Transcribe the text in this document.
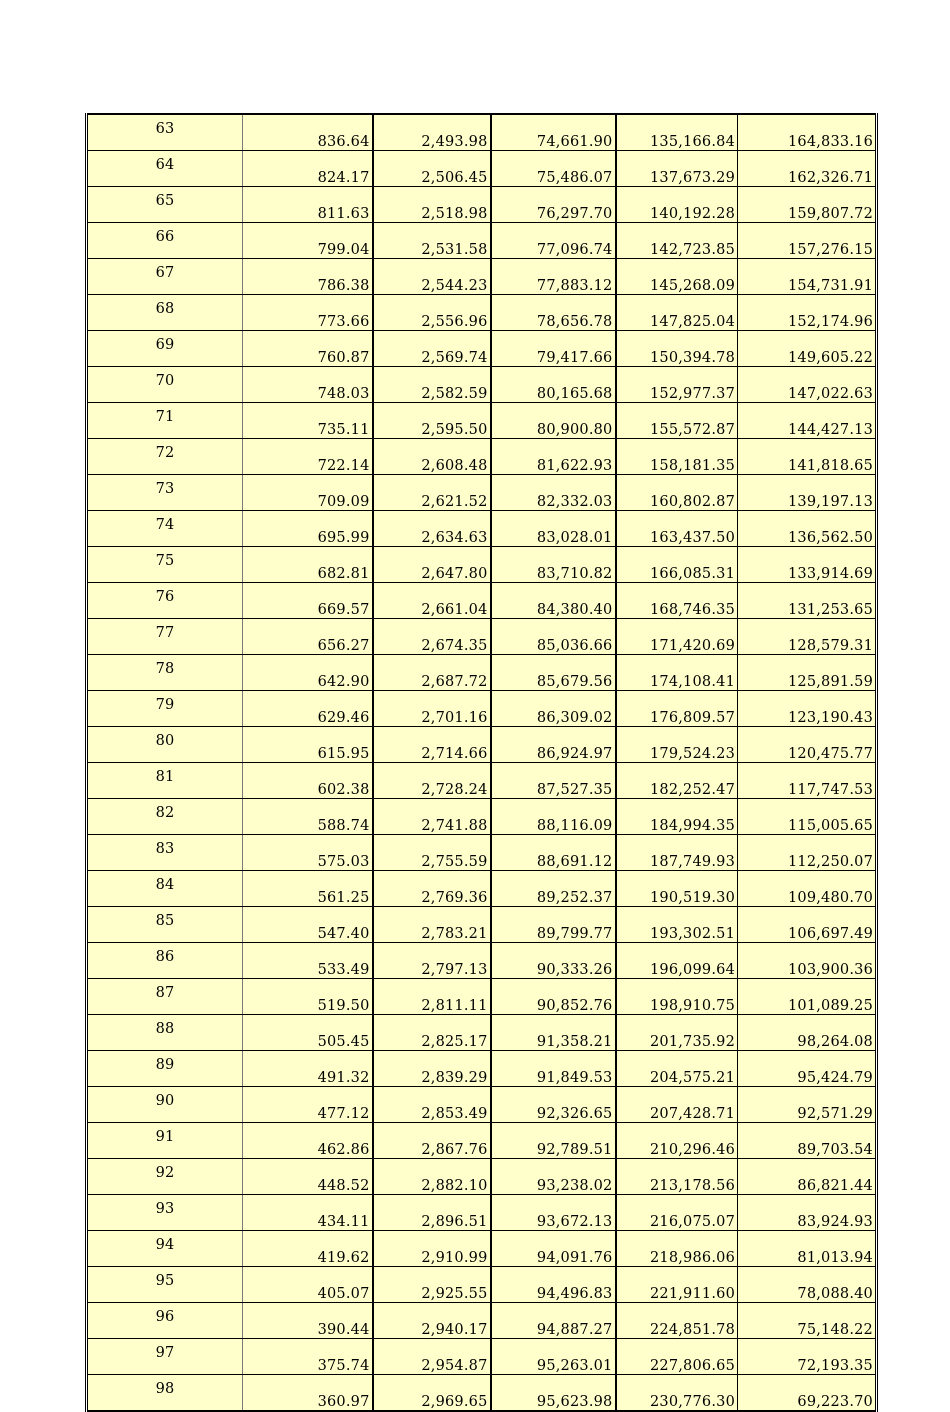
63	836.64	2,493.98	74,661.90	135,166.84	164,833.16
64	824.17	2,506.45	75,486.07	137,673.29	162,326.71
65	811.63	2,518.98	76,297.70	140,192.28	159,807.72
66	799.04	2,531.58	77,096.74	142,723.85	157,276.15
67	786.38	2,544.23	77,883.12	145,268.09	154,731.91
68	773.66	2,556.96	78,656.78	147,825.04	152,174.96
69	760.87	2,569.74	79,417.66	150,394.78	149,605.22
70	748.03	2,582.59	80,165.68	152,977.37	147,022.63
71	735.11	2,595.50	80,900.80	155,572.87	144,427.13
72	722.14	2,608.48	81,622.93	158,181.35	141,818.65
73	709.09	2,621.52	82,332.03	160,802.87	139,197.13
74	695.99	2,634.63	83,028.01	163,437.50	136,562.50
75	682.81	2,647.80	83,710.82	166,085.31	133,914.69
76	669.57	2,661.04	84,380.40	168,746.35	131,253.65
77	656.27	2,674.35	85,036.66	171,420.69	128,579.31
78	642.90	2,687.72	85,679.56	174,108.41	125,891.59
79	629.46	2,701.16	86,309.02	176,809.57	123,190.43
80	615.95	2,714.66	86,924.97	179,524.23	120,475.77
81	602.38	2,728.24	87,527.35	182,252.47	117,747.53
82	588.74	2,741.88	88,116.09	184,994.35	115,005.65
83	575.03	2,755.59	88,691.12	187,749.93	112,250.07
84	561.25	2,769.36	89,252.37	190,519.30	109,480.70
85	547.40	2,783.21	89,799.77	193,302.51	106,697.49
86	533.49	2,797.13	90,333.26	196,099.64	103,900.36
87	519.50	2,811.11	90,852.76	198,910.75	101,089.25
88	505.45	2,825.17	91,358.21	201,735.92	98,264.08
89	491.32	2,839.29	91,849.53	204,575.21	95,424.79
90	477.12	2,853.49	92,326.65	207,428.71	92,571.29
91	462.86	2,867.76	92,789.51	210,296.46	89,703.54
92	448.52	2,882.10	93,238.02	213,178.56	86,821.44
93	434.11	2,896.51	93,672.13	216,075.07	83,924.93
94	419.62	2,910.99	94,091.76	218,986.06	81,013.94
95	405.07	2,925.55	94,496.83	221,911.60	78,088.40
96	390.44	2,940.17	94,887.27	224,851.78	75,148.22
97	375.74	2,954.87	95,263.01	227,806.65	72,193.35
98	360.97	2,969.65	95,623.98	230,776.30	69,223.70
